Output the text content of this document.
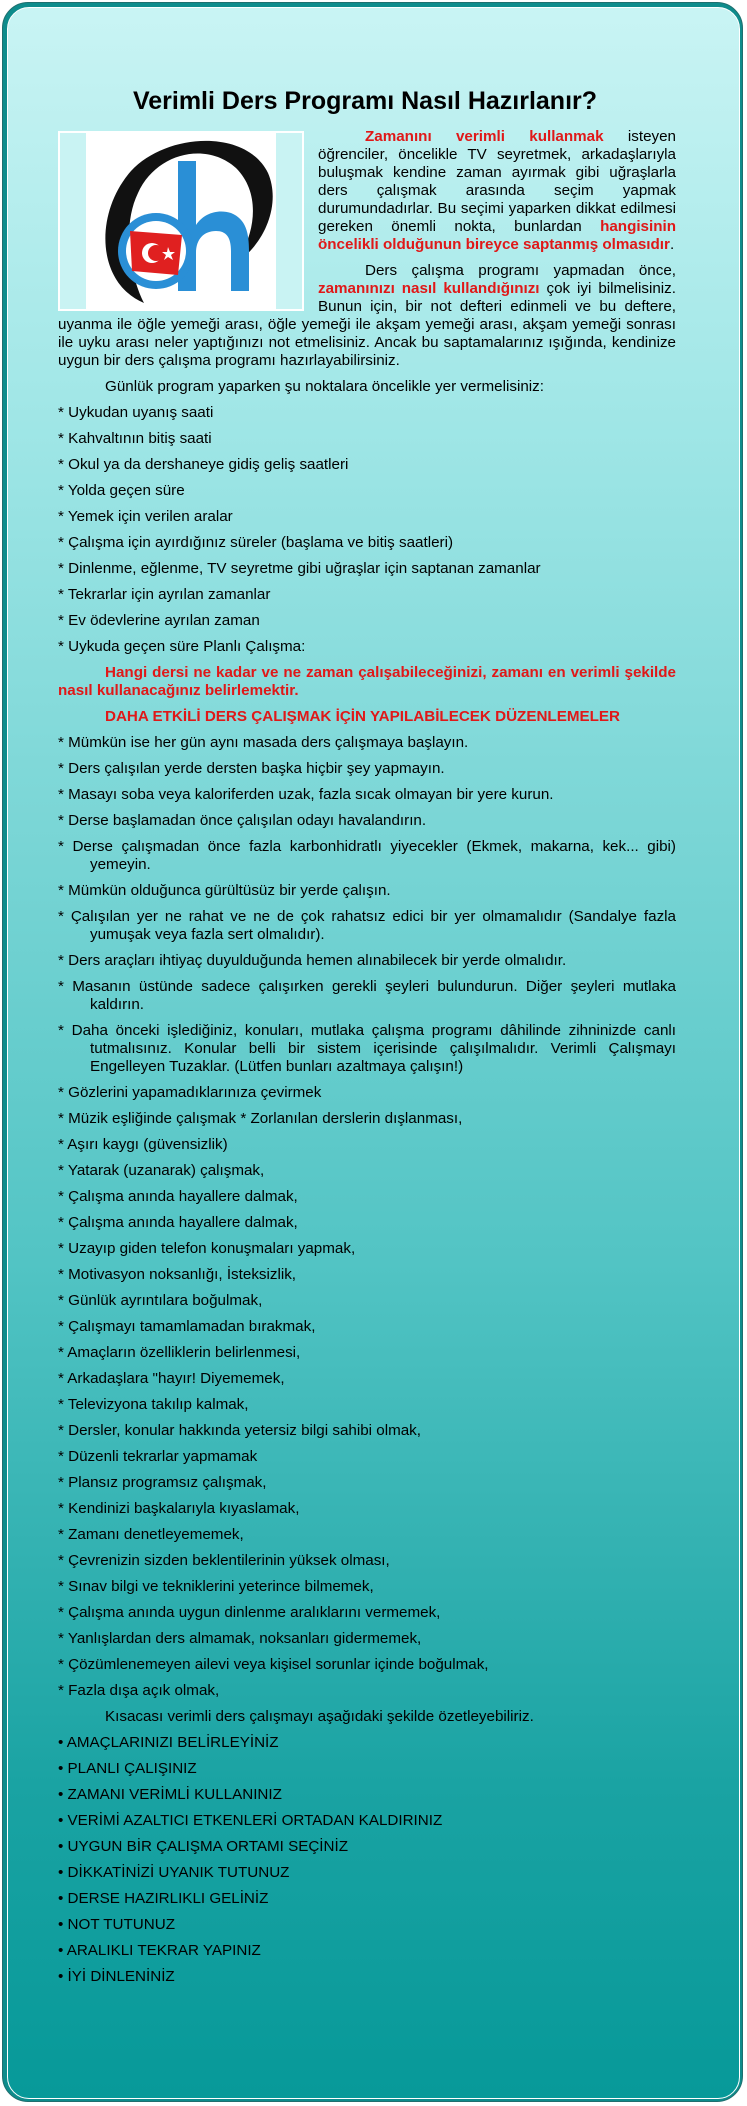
Verimli Ders Programı Nasıl Hazırlanır?

Zamanını verimli kullanmak isteyen öğrenciler, öncelikle TV seyretmek, arkadaşlarıyla buluşmak kendine zaman ayırmak gibi uğraşlarla ders çalışmak arasında seçim yapmak durumundadırlar. Bu seçimi yaparken dikkat edilmesi gereken önemli nokta, bunlardan hangisinin öncelikli olduğunun bireyce saptanmış olmasıdır.

Ders çalışma programı yapmadan önce, zamanınızı nasıl kullandığınızı çok iyi bilmelisiniz. Bunun için, bir not defteri edinmeli ve bu deftere, uyanma ile öğle yemeği arası, öğle yemeği ile akşam yemeği arası, akşam yemeği sonrası ile uyku arası neler yaptığınızı not etmelisiniz. Ancak bu saptamalarınız ışığında, kendinize uygun bir ders çalışma programı hazırlayabilirsiniz.

Günlük program yaparken şu noktalara öncelikle yer vermelisiniz:

* Uykudan uyanış saati
* Kahvaltının bitiş saati
* Okul ya da dershaneye gidiş geliş saatleri
* Yolda geçen süre
* Yemek için verilen aralar
* Çalışma için ayırdığınız süreler (başlama ve bitiş saatleri)
* Dinlenme, eğlenme, TV seyretme gibi uğraşlar için saptanan zamanlar
* Tekrarlar için ayrılan zamanlar
* Ev ödevlerine ayrılan zaman
* Uykuda geçen süre Planlı Çalışma:

Hangi dersi ne kadar ve ne zaman çalışabileceğinizi, zamanı en verimli şekilde nasıl kullanacağınız belirlemektir.

DAHA ETKİLİ DERS ÇALIŞMAK İÇİN YAPILABİLECEK DÜZENLEMELER
* Mümkün ise her gün aynı masada ders çalışmaya başlayın.
* Ders çalışılan yerde dersten başka hiçbir şey yapmayın.
* Masayı soba veya kaloriferden uzak, fazla sıcak olmayan bir yere kurun.
* Derse başlamadan önce çalışılan odayı havalandırın.
* Derse çalışmadan önce fazla karbonhidratlı yiyecekler (Ekmek, makarna, kek... gibi) yemeyin.
* Mümkün olduğunca gürültüsüz bir yerde çalışın.
* Çalışılan yer ne rahat ve ne de çok rahatsız edici bir yer olmamalıdır (Sandalye fazla yumuşak veya fazla sert olmalıdır).
* Ders araçları ihtiyaç duyulduğunda hemen alınabilecek bir yerde olmalıdır.
* Masanın üstünde sadece çalışırken gerekli şeyleri bulundurun. Diğer şeyleri mutlaka kaldırın.
* Daha önceki işlediğiniz, konuları, mutlaka çalışma programı dâhilinde zihninizde canlı tutmalısınız. Konular belli bir sistem içerisinde çalışılmalıdır. Verimli Çalışmayı Engelleyen Tuzaklar. (Lütfen bunları azaltmaya çalışın!)
* Gözlerini yapamadıklarınıza çevirmek
* Müzik eşliğinde çalışmak * Zorlanılan derslerin dışlanması,
* Aşırı kaygı (güvensizlik)
* Yatarak (uzanarak) çalışmak,
* Çalışma anında hayallere dalmak,
* Çalışma anında hayallere dalmak,
* Uzayıp giden telefon konuşmaları yapmak,
* Motivasyon noksanlığı, İsteksizlik,
* Günlük ayrıntılara boğulmak,
* Çalışmayı tamamlamadan bırakmak,
* Amaçların özelliklerin belirlenmesi,
* Arkadaşlara "hayır! Diyememek,
* Televizyona takılıp kalmak,
* Dersler, konular hakkında yetersiz bilgi sahibi olmak,
* Düzenli tekrarlar yapmamak
* Plansız programsız çalışmak,
* Kendinizi başkalarıyla kıyaslamak,
* Zamanı denetleyememek,
* Çevrenizin sizden beklentilerinin yüksek olması,
* Sınav bilgi ve tekniklerini yeterince bilmemek,
* Çalışma anında uygun dinlenme aralıklarını vermemek,
* Yanlışlardan ders almamak, noksanları gidermemek,
* Çözümlenemeyen ailevi veya kişisel sorunlar içinde boğulmak,
* Fazla dışa açık olmak,

Kısacası verimli ders çalışmayı aşağıdaki şekilde özetleyebiliriz.

• AMAÇLARINIZI BELİRLEYİNİZ
• PLANLI ÇALIŞINIZ
• ZAMANI VERİMLİ KULLANINIZ
• VERİMİ AZALTICI ETKENLERİ ORTADAN KALDIRINIZ
• UYGUN BİR ÇALIŞMA ORTAMI SEÇİNİZ
• DİKKATİNİZİ UYANIK TUTUNUZ
• DERSE HAZIRLIKLI GELİNİZ
• NOT TUTUNUZ
• ARALIKLI TEKRAR YAPINIZ
• İYİ DİNLENİNİZ
